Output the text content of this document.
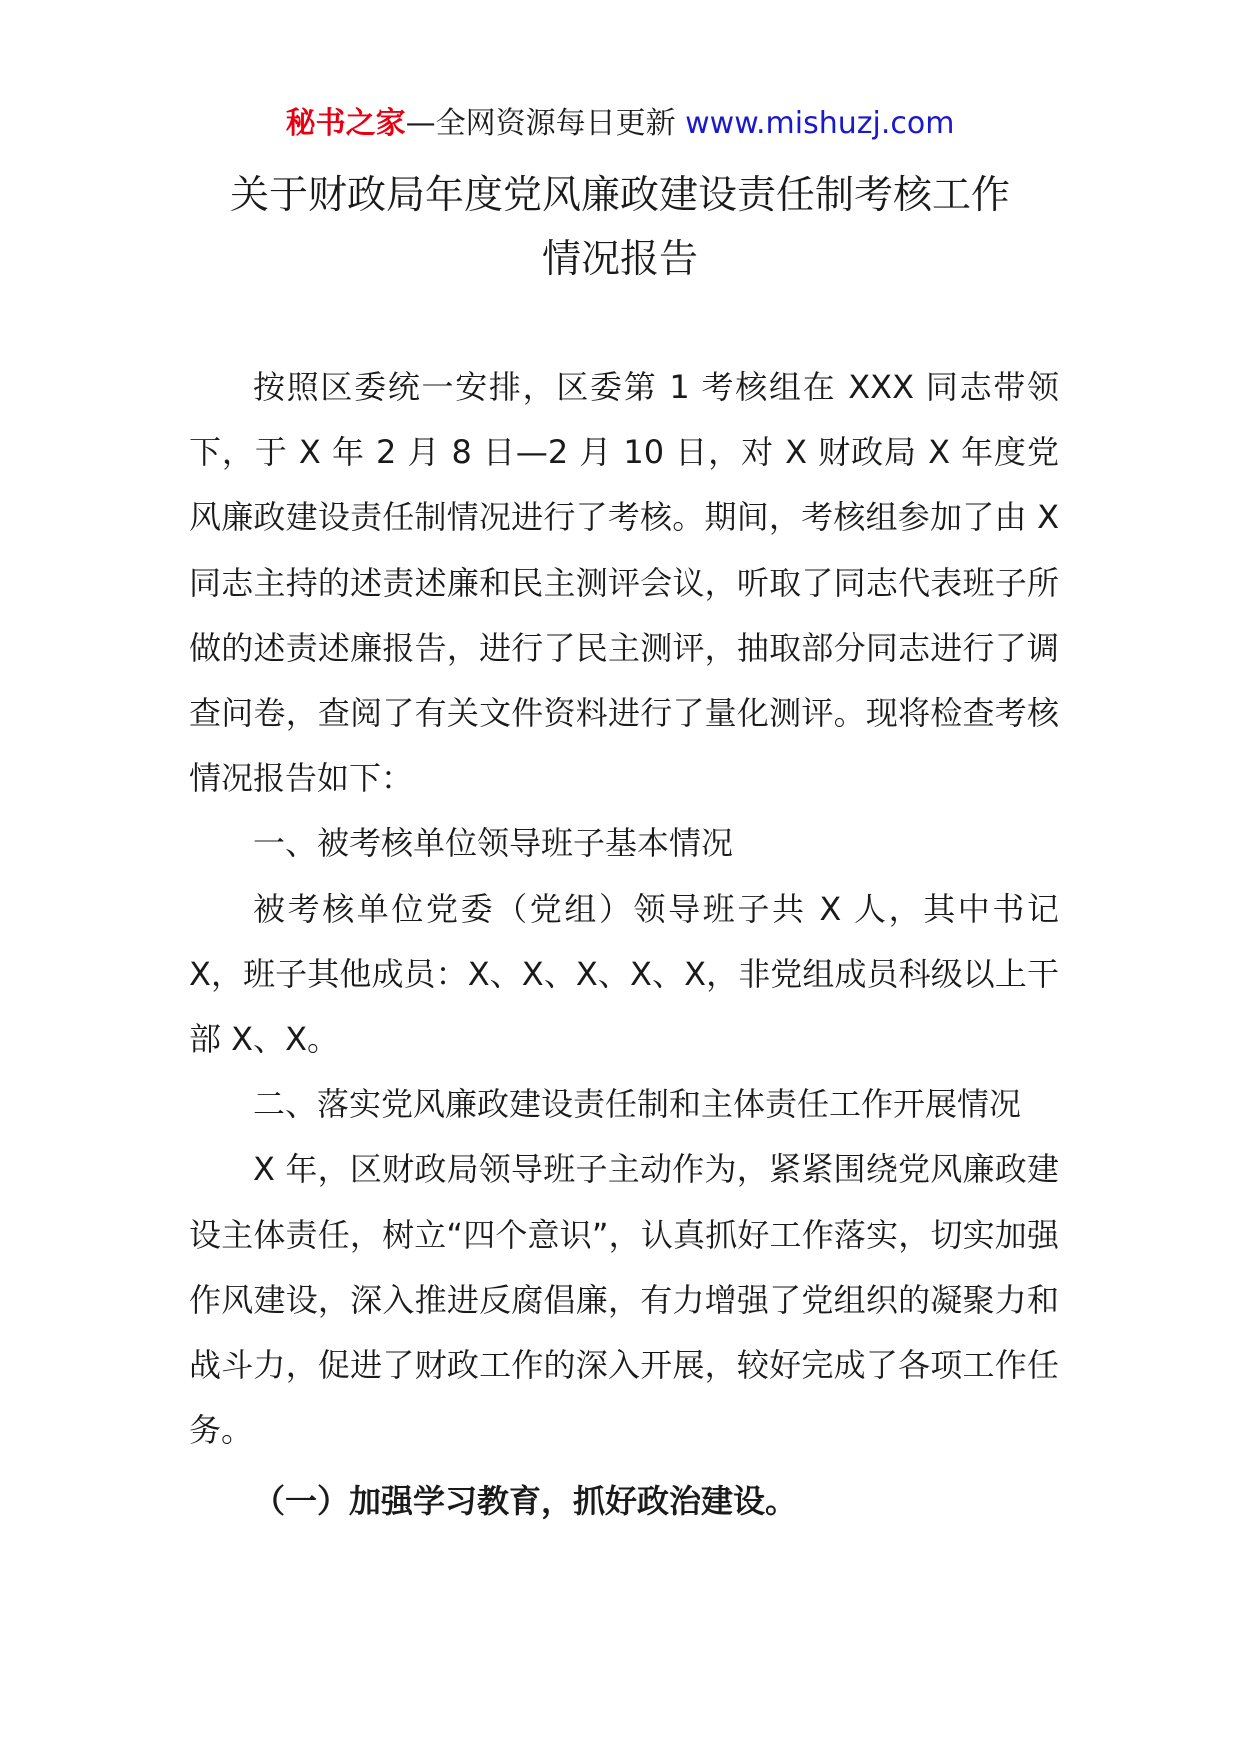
秘书之家—全网资源每日更新 www.mishuzj.com
关于财政局年度党风廉政建设责任制考核工作
情况报告

按照区委统一安排，区委第 1 考核组在 XXX 同志带领下，于 X 年 2 月 8 日—2 月 10 日，对 X 财政局 X 年度党风廉政建设责任制情况进行了考核。期间，考核组参加了由 X 同志主持的述责述廉和民主测评会议，听取了同志代表班子所做的述责述廉报告，进行了民主测评，抽取部分同志进行了调查问卷，查阅了有关文件资料进行了量化测评。现将检查考核情况报告如下：

一、被考核单位领导班子基本情况

被考核单位党委（党组）领导班子共 X 人，其中书记 X，班子其他成员：X、X、X、X、X，非党组成员科级以上干部 X、X。

二、落实党风廉政建设责任制和主体责任工作开展情况

X 年，区财政局领导班子主动作为，紧紧围绕党风廉政建设主体责任，树立“四个意识”，认真抓好工作落实，切实加强作风建设，深入推进反腐倡廉，有力增强了党组织的凝聚力和战斗力，促进了财政工作的深入开展，较好完成了各项工作任务。

（一）加强学习教育，抓好政治建设。
